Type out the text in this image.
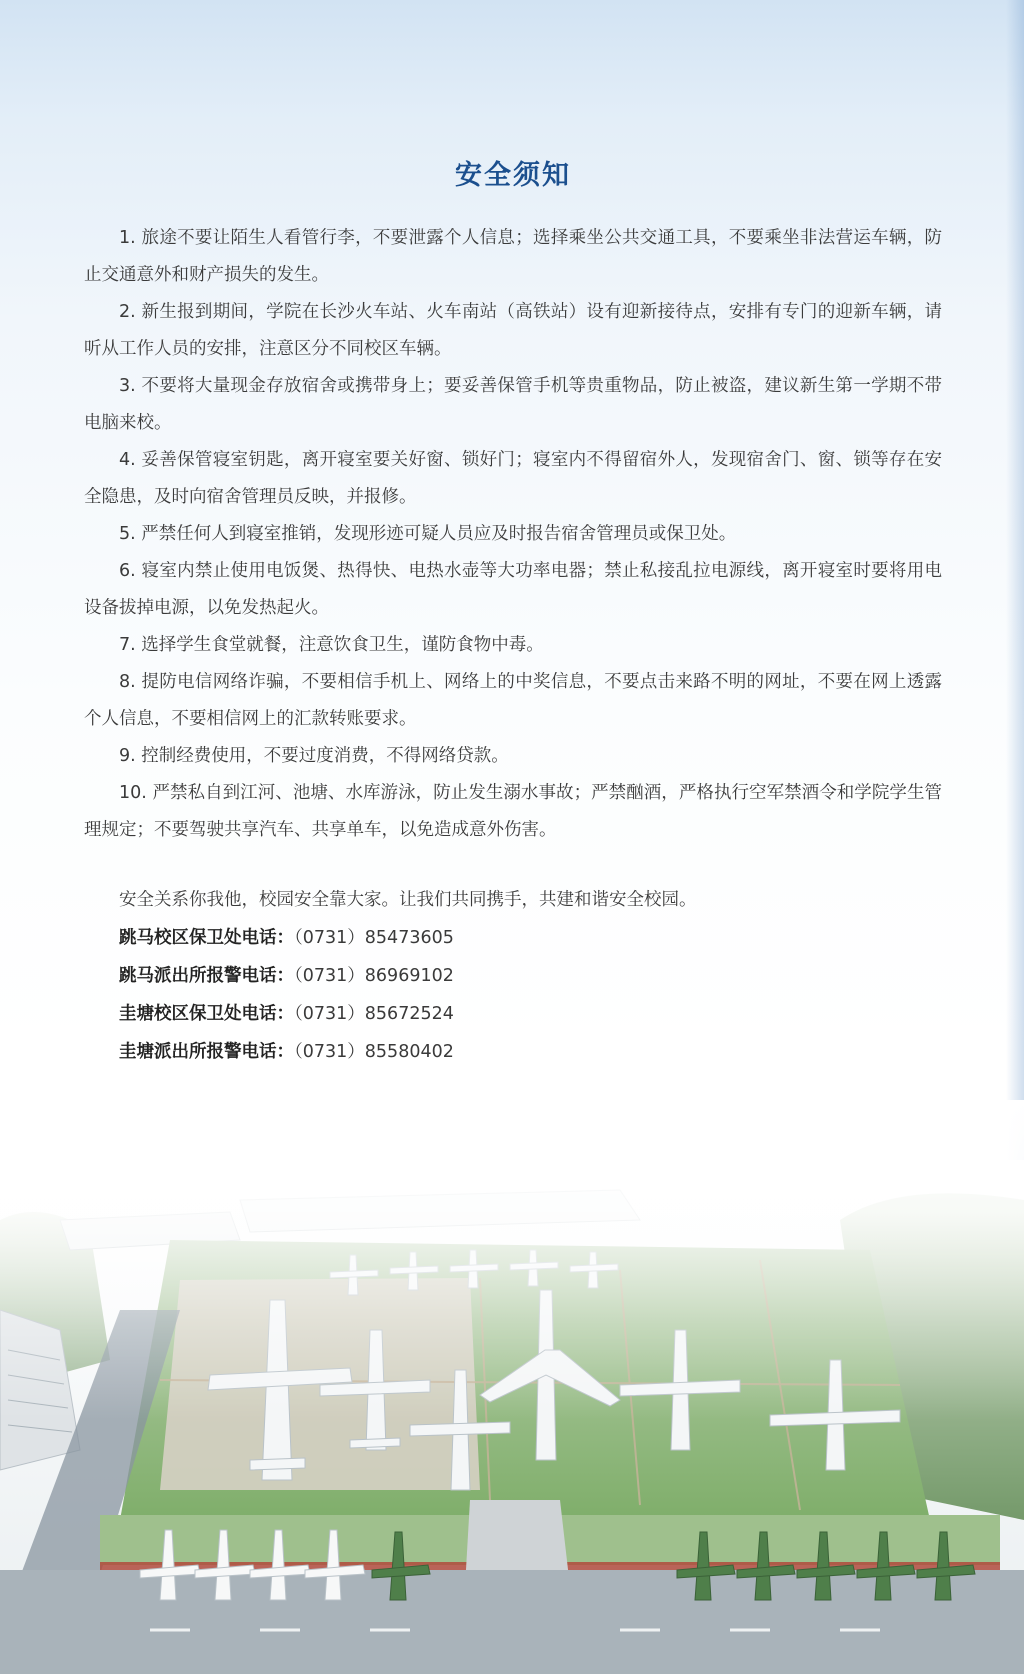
安全须知

1. 旅途不要让陌生人看管行李，不要泄露个人信息；选择乘坐公共交通工具，不要乘坐非法营运车辆，防止交通意外和财产损失的发生。

2. 新生报到期间，学院在长沙火车站、火车南站（高铁站）设有迎新接待点，安排有专门的迎新车辆，请听从工作人员的安排，注意区分不同校区车辆。

3. 不要将大量现金存放宿舍或携带身上；要妥善保管手机等贵重物品，防止被盗，建议新生第一学期不带电脑来校。

4. 妥善保管寝室钥匙，离开寝室要关好窗、锁好门；寝室内不得留宿外人，发现宿舍门、窗、锁等存在安全隐患，及时向宿舍管理员反映，并报修。

5. 严禁任何人到寝室推销，发现形迹可疑人员应及时报告宿舍管理员或保卫处。

6. 寝室内禁止使用电饭煲、热得快、电热水壶等大功率电器；禁止私接乱拉电源线，离开寝室时要将用电设备拔掉电源，以免发热起火。

7. 选择学生食堂就餐，注意饮食卫生，谨防食物中毒。

8. 提防电信网络诈骗，不要相信手机上、网络上的中奖信息，不要点击来路不明的网址，不要在网上透露个人信息，不要相信网上的汇款转账要求。

9. 控制经费使用，不要过度消费，不得网络贷款。

10. 严禁私自到江河、池塘、水库游泳，防止发生溺水事故；严禁酗酒，严格执行空军禁酒令和学院学生管理规定；不要驾驶共享汽车、共享单车，以免造成意外伤害。

安全关系你我他，校园安全靠大家。让我们共同携手，共建和谐安全校园。

跳马校区保卫处电话：（0731）85473605

跳马派出所报警电话：（0731）86969102

圭塘校区保卫处电话：（0731）85672524

圭塘派出所报警电话：（0731）85580402
